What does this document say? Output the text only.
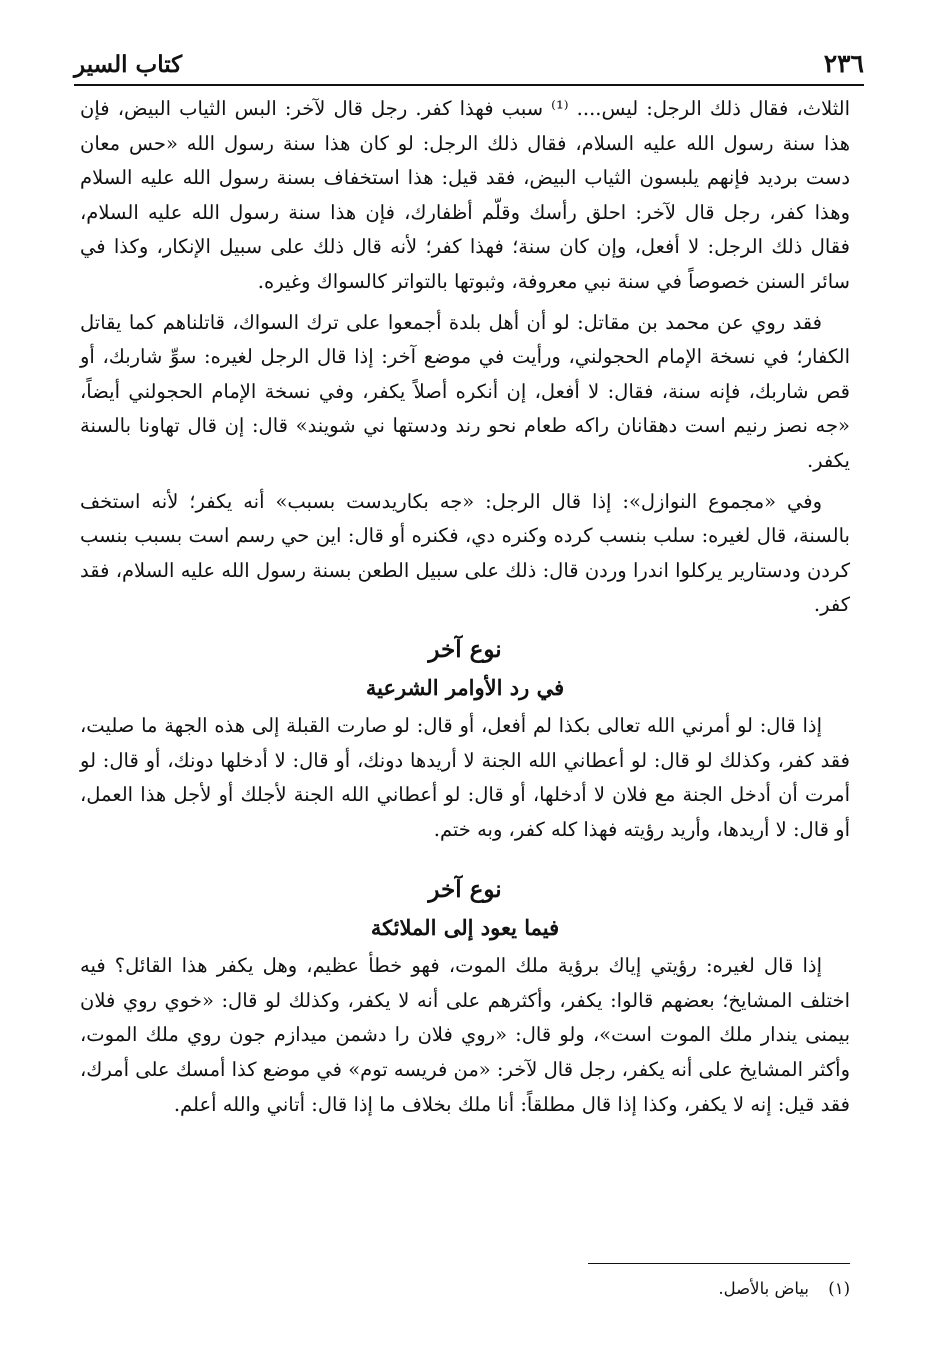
٢٣٦
كتاب السير

الثلاث، فقال ذلك الرجل: ليس.... ⁽¹⁾ سبب فهذا كفر. رجل قال لآخر: البس الثياب البيض، فإن هذا سنة رسول الله عليه السلام، فقال ذلك الرجل: لو كان هذا سنة رسول الله «حس معان دست برديد فإنهم يلبسون الثياب البيض، فقد قيل: هذا استخفاف بسنة رسول الله عليه السلام وهذا كفر، رجل قال لآخر: احلق رأسك وقلّم أظفارك، فإن هذا سنة رسول الله عليه السلام، فقال ذلك الرجل: لا أفعل، وإن كان سنة؛ فهذا كفر؛ لأنه قال ذلك على سبيل الإنكار، وكذا في سائر السنن خصوصاً في سنة نبي معروفة، وثبوتها بالتواتر كالسواك وغيره.

فقد روي عن محمد بن مقاتل: لو أن أهل بلدة أجمعوا على ترك السواك، قاتلناهم كما يقاتل الكفار؛ في نسخة الإمام الحجولني، ورأيت في موضع آخر: إذا قال الرجل لغيره: سوِّ شاربك، أو قص شاربك، فإنه سنة، فقال: لا أفعل، إن أنكره أصلاً يكفر، وفي نسخة الإمام الحجولني أيضاً، «جه نصز رنيم است دهقانان راكه طعام نحو رند ودستها ني شويند» قال: إن قال تهاونا بالسنة يكفر.

وفي «مجموع النوازل»: إذا قال الرجل: «جه بكاريدست بسبب» أنه يكفر؛ لأنه استخف بالسنة، قال لغيره: سلب بنسب كرده وكنره دي، فكنره أو قال: اين حي رسم است بسبب بنسب كردن ودستارير يركلوا اندرا وردن قال: ذلك على سبيل الطعن بسنة رسول الله عليه السلام، فقد كفر.

نوع آخر
في رد الأوامر الشرعية

إذا قال: لو أمرني الله تعالى بكذا لم أفعل، أو قال: لو صارت القبلة إلى هذه الجهة ما صليت، فقد كفر، وكذلك لو قال: لو أعطاني الله الجنة لا أريدها دونك، أو قال: لا أدخلها دونك، أو قال: لو أمرت أن أدخل الجنة مع فلان لا أدخلها، أو قال: لو أعطاني الله الجنة لأجلك أو لأجل هذا العمل، أو قال: لا أريدها، وأريد رؤيته فهذا كله كفر، وبه ختم.

نوع آخر
فيما يعود إلى الملائكة

إذا قال لغيره: رؤيتي إياك برؤية ملك الموت، فهو خطأ عظيم، وهل يكفر هذا القائل؟ فيه اختلف المشايخ؛ بعضهم قالوا: يكفر، وأكثرهم على أنه لا يكفر، وكذلك لو قال: «خوي روي فلان بيمنى يندار ملك الموت است»، ولو قال: «روي فلان را دشمن ميدازم جون روي ملك الموت، وأكثر المشايخ على أنه يكفر، رجل قال لآخر: «من فريسه توم» في موضع كذا أمسك على أمرك، فقد قيل: إنه لا يكفر، وكذا إذا قال مطلقاً: أنا ملك بخلاف ما إذا قال: أتاني والله أعلم.

(١) بياض بالأصل.
